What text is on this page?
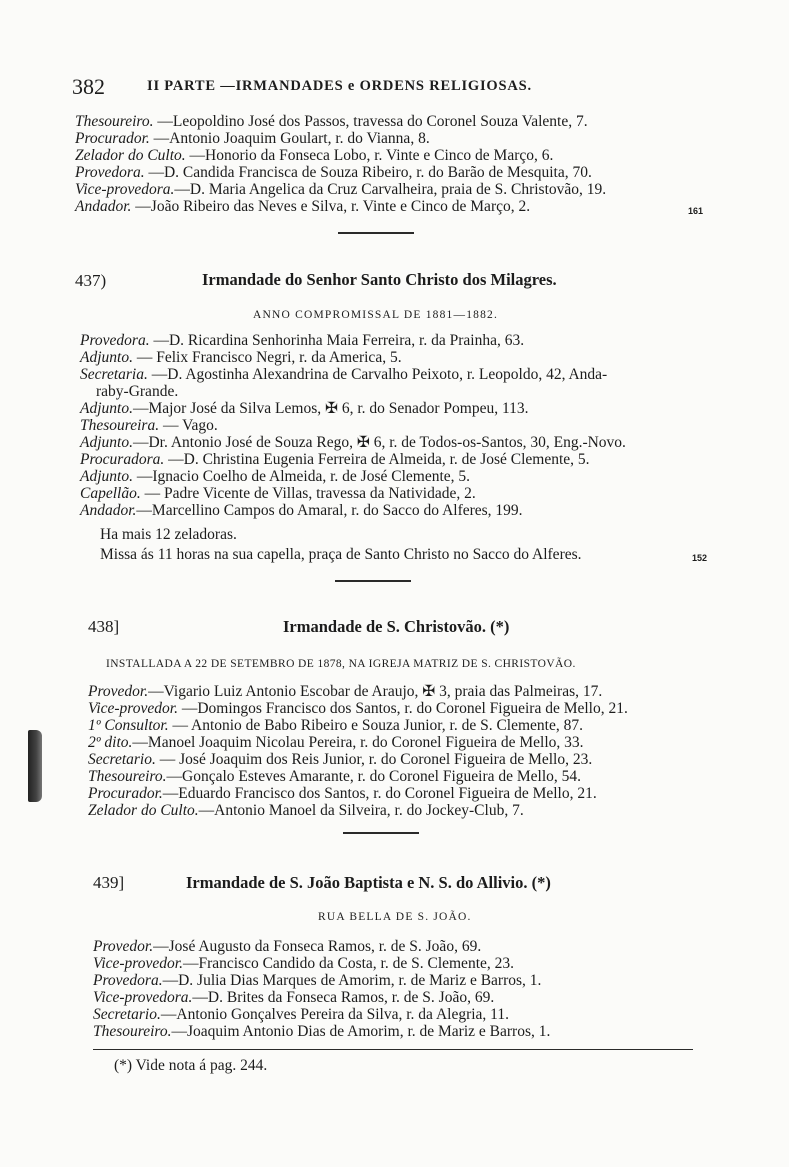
382	II PARTE —IRMANDADES e ORDENS RELIGIOSAS.
Thesoureiro. —Leopoldino José dos Passos, travessa do Coronel Souza Valente, 7.
Procurador. —Antonio Joaquim Goulart, r. do Vianna, 8.
Zelador do Culto. —Honorio da Fonseca Lobo, r. Vinte e Cinco de Março, 6.
Provedora. —D. Candida Francisca de Souza Ribeiro, r. do Barão de Mesquita, 70.
Vice-provedora.—D. Maria Angelica da Cruz Carvalheira, praia de S. Christovão, 19.
Andador. —João Ribeiro das Neves e Silva, r. Vinte e Cinco de Março, 2.	161
437)	Irmandade do Senhor Santo Christo dos Milagres.
ANNO COMPROMISSAL DE 1881—1882.
Provedora. —D. Ricardina Senhorinha Maia Ferreira, r. da Prainha, 63.
Adjunto. — Felix Francisco Negri, r. da America, 5.
Secretaria. —D. Agostinha Alexandrina de Carvalho Peixoto, r. Leopoldo, 42, Anda-
raby-Grande.
Adjunto.—Major José da Silva Lemos, ✠ 6, r. do Senador Pompeu, 113.
Thesoureira. — Vago.
Adjunto.—Dr. Antonio José de Souza Rego, ✠ 6, r. de Todos-os-Santos, 30, Eng.-Novo.
Procuradora. —D. Christina Eugenia Ferreira de Almeida, r. de José Clemente, 5.
Adjunto. —Ignacio Coelho de Almeida, r. de José Clemente, 5.
Capellão. — Padre Vicente de Villas, travessa da Natividade, 2.
Andador.—Marcellino Campos do Amaral, r. do Sacco do Alferes, 199.
Ha mais 12 zeladoras.
Missa ás 11 horas na sua capella, praça de Santo Christo no Sacco do Alferes.	152
438]	Irmandade de S. Christovão. (*)
INSTALLADA A 22 DE SETEMBRO DE 1878, NA IGREJA MATRIZ DE S. CHRISTOVÃO.
Provedor.—Vigario Luiz Antonio Escobar de Araujo, ✠ 3, praia das Palmeiras, 17.
Vice-provedor. —Domingos Francisco dos Santos, r. do Coronel Figueira de Mello, 21.
1º Consultor. — Antonio de Babo Ribeiro e Souza Junior, r. de S. Clemente, 87.
2º dito.—Manoel Joaquim Nicolau Pereira, r. do Coronel Figueira de Mello, 33.
Secretario. — José Joaquim dos Reis Junior, r. do Coronel Figueira de Mello, 23.
Thesoureiro.—Gonçalo Esteves Amarante, r. do Coronel Figueira de Mello, 54.
Procurador.—Eduardo Francisco dos Santos, r. do Coronel Figueira de Mello, 21.
Zelador do Culto.—Antonio Manoel da Silveira, r. do Jockey-Club, 7.
439]	Irmandade de S. João Baptista e N. S. do Allivio. (*)
RUA BELLA DE S. JOÃO.
Provedor.—José Augusto da Fonseca Ramos, r. de S. João, 69.
Vice-provedor.—Francisco Candido da Costa, r. de S. Clemente, 23.
Provedora.—D. Julia Dias Marques de Amorim, r. de Mariz e Barros, 1.
Vice-provedora.—D. Brites da Fonseca Ramos, r. de S. João, 69.
Secretario.—Antonio Gonçalves Pereira da Silva, r. da Alegria, 11.
Thesoureiro.—Joaquim Antonio Dias de Amorim, r. de Mariz e Barros, 1.
(*) Vide nota á pag. 244.
